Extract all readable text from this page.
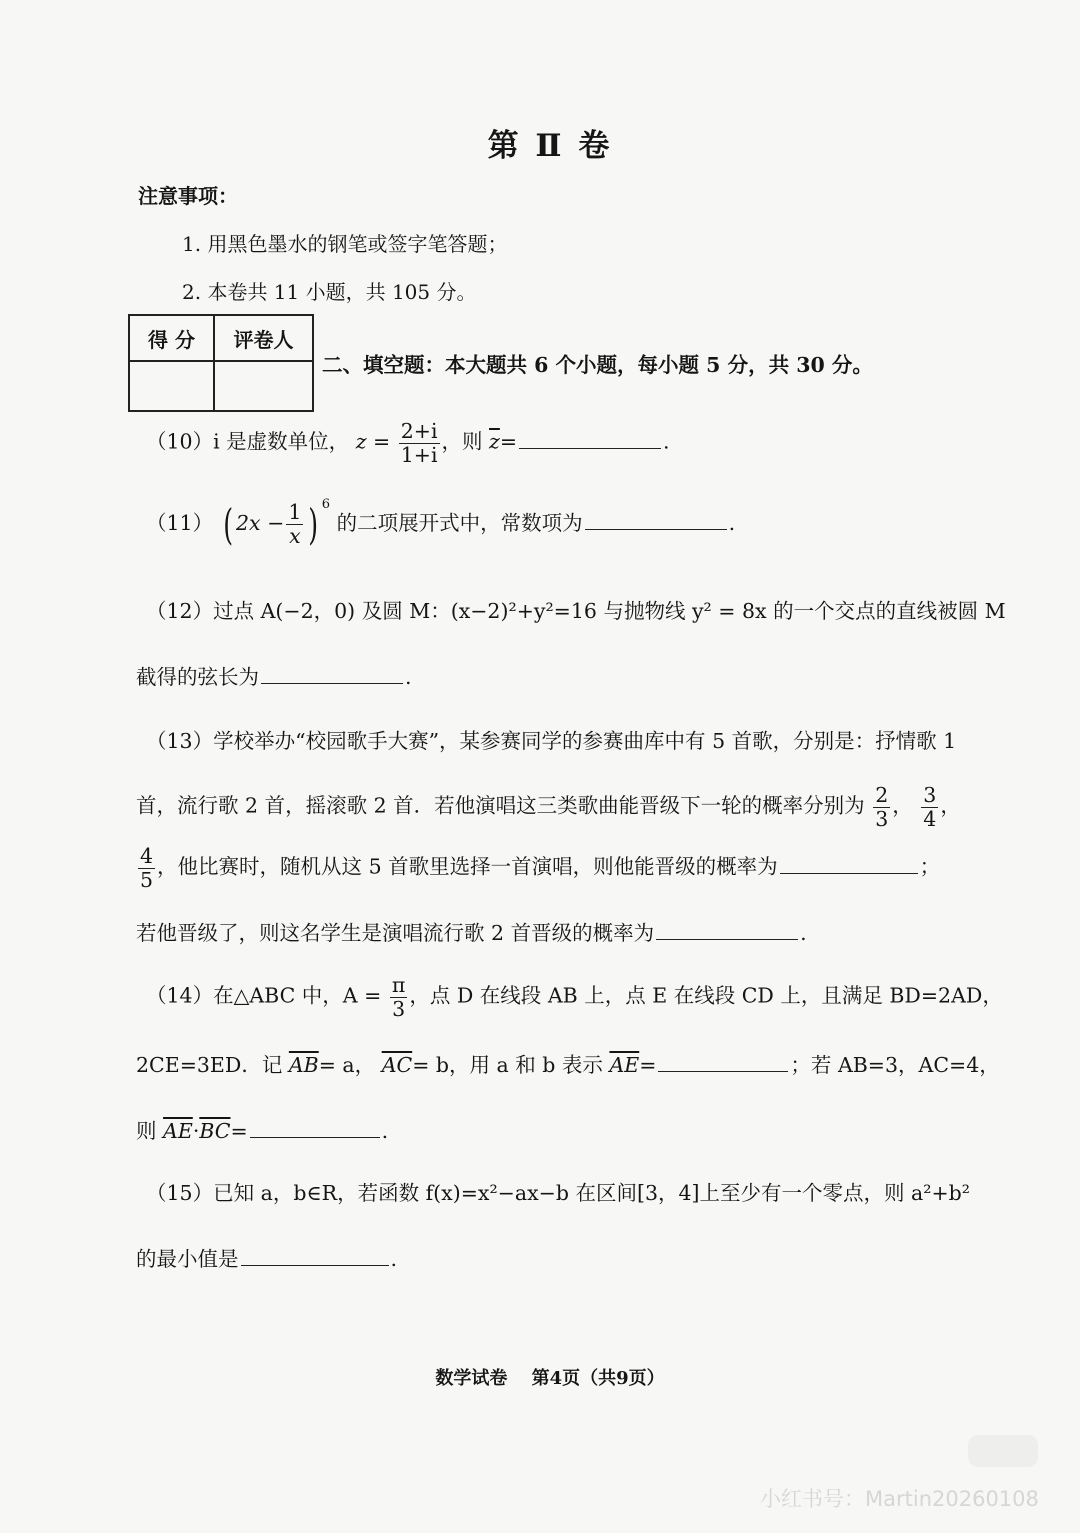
第 Ⅱ 卷
注意事项：
1. 用黑色墨水的钢笔或签字笔答题；
2. 本卷共 11 小题，共 105 分。
得 分	评卷人

二、填空题：本大题共 6 个小题，每小题 5 分，共 30 分。
（10）i 是虚数单位， $z = \frac{2+i}{1+i}$ ，则 $\overline{z}=$	.
（11） ( $2x - \frac{1}{x}$ ) $^6$ 的二项展开式中，常数项为	.
（12）过点 A(−2，0) 及圆 M：(x−2)²+y²=16 与抛物线 y² = 8x 的一个交点的直线被圆 M
截得的弦长为	.
（13）学校举办“校园歌手大赛”，某参赛同学的参赛曲库中有 5 首歌，分别是：抒情歌 1
首，流行歌 2 首，摇滚歌 2 首．若他演唱这三类歌曲能晋级下一轮的概率分别为 $\frac{2}{3}$ ， $\frac{3}{4}$ ，
$\frac{4}{5}$ ，他比赛时，随机从这 5 首歌里选择一首演唱，则他能晋级的概率为	；
若他晋级了，则这名学生是演唱流行歌 2 首晋级的概率为	.
（14）在△ABC 中，$A = \frac{\pi}{3}$ ，点 D 在线段 AB 上，点 E 在线段 CD 上，且满足 BD=2AD，
2CE=3ED．记 $\overline{AB}= a$， $\overline{AC}= b$，用 a 和 b 表示 $\overline{AE}=$	；若 AB=3，AC=4，
则 $\overline{AE}\cdot\overline{BC}=$	.
（15）已知 a，b∈R，若函数 f(x)=x²−ax−b 在区间[3，4]上至少有一个零点，则 a²+b²
的最小值是	.
数学试卷　 第4页（共9页）
小红书号：Martin20260108
